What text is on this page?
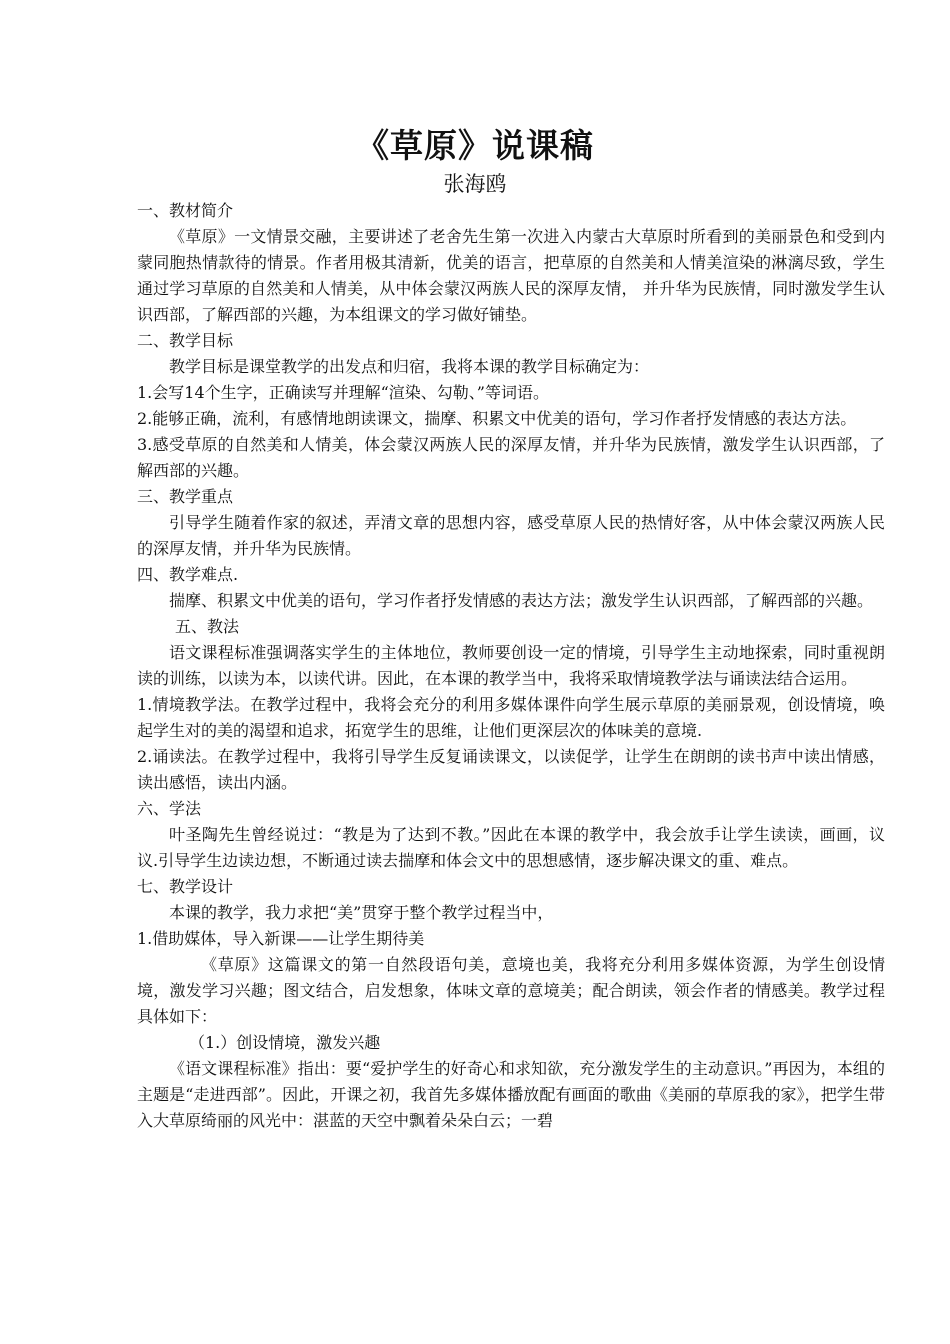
《草原》说课稿
张海鸥

一、教材简介

《草原》一文情景交融，主要讲述了老舍先生第一次进入内蒙古大草原时所看到的美丽景色和受到内蒙同胞热情款待的情景。作者用极其清新，优美的语言，把草原的自然美和人情美渲染的淋漓尽致，学生通过学习草原的自然美和人情美，从中体会蒙汉两族人民的深厚友情， 并升华为民族情，同时激发学生认识西部，了解西部的兴趣，为本组课文的学习做好铺垫。

二、教学目标

教学目标是课堂教学的出发点和归宿，我将本课的教学目标确定为：

1.会写14个生字，正确读写并理解“渲染、勾勒、”等词语。

2.能够正确，流利，有感情地朗读课文，揣摩、积累文中优美的语句，学习作者抒发情感的表达方法。

3.感受草原的自然美和人情美，体会蒙汉两族人民的深厚友情，并升华为民族情，激发学生认识西部，了解西部的兴趣。

三、教学重点

引导学生随着作家的叙述，弄清文章的思想内容，感受草原人民的热情好客，从中体会蒙汉两族人民的深厚友情，并升华为民族情。

四、教学难点.

揣摩、积累文中优美的语句，学习作者抒发情感的表达方法；激发学生认识西部，了解西部的兴趣。

五、教法

语文课程标准强调落实学生的主体地位，教师要创设一定的情境，引导学生主动地探索，同时重视朗读的训练，以读为本，以读代讲。因此，在本课的教学当中，我将采取情境教学法与诵读法结合运用。

1.情境教学法。在教学过程中，我将会充分的利用多媒体课件向学生展示草原的美丽景观，创设情境，唤起学生对的美的渴望和追求，拓宽学生的思维，让他们更深层次的体味美的意境.

2.诵读法。在教学过程中，我将引导学生反复诵读课文，以读促学，让学生在朗朗的读书声中读出情感，读出感悟，读出内涵。

六、学法

叶圣陶先生曾经说过：“教是为了达到不教。”因此在本课的教学中，我会放手让学生读读，画画，议议.引导学生边读边想，不断通过读去揣摩和体会文中的思想感情，逐步解决课文的重、难点。

七、教学设计

本课的教学，我力求把“美”贯穿于整个教学过程当中，

1.借助媒体，导入新课——让学生期待美

《草原》这篇课文的第一自然段语句美，意境也美，我将充分利用多媒体资源，为学生创设情境，激发学习兴趣；图文结合，启发想象，体味文章的意境美；配合朗读，领会作者的情感美。教学过程具体如下：

（1.）创设情境，激发兴趣

《语文课程标准》指出：要“爱护学生的好奇心和求知欲，充分激发学生的主动意识。”再因为，本组的主题是“走进西部”。因此，开课之初，我首先多媒体播放配有画面的歌曲《美丽的草原我的家》，把学生带入大草原绮丽的风光中：湛蓝的天空中飘着朵朵白云；一碧
